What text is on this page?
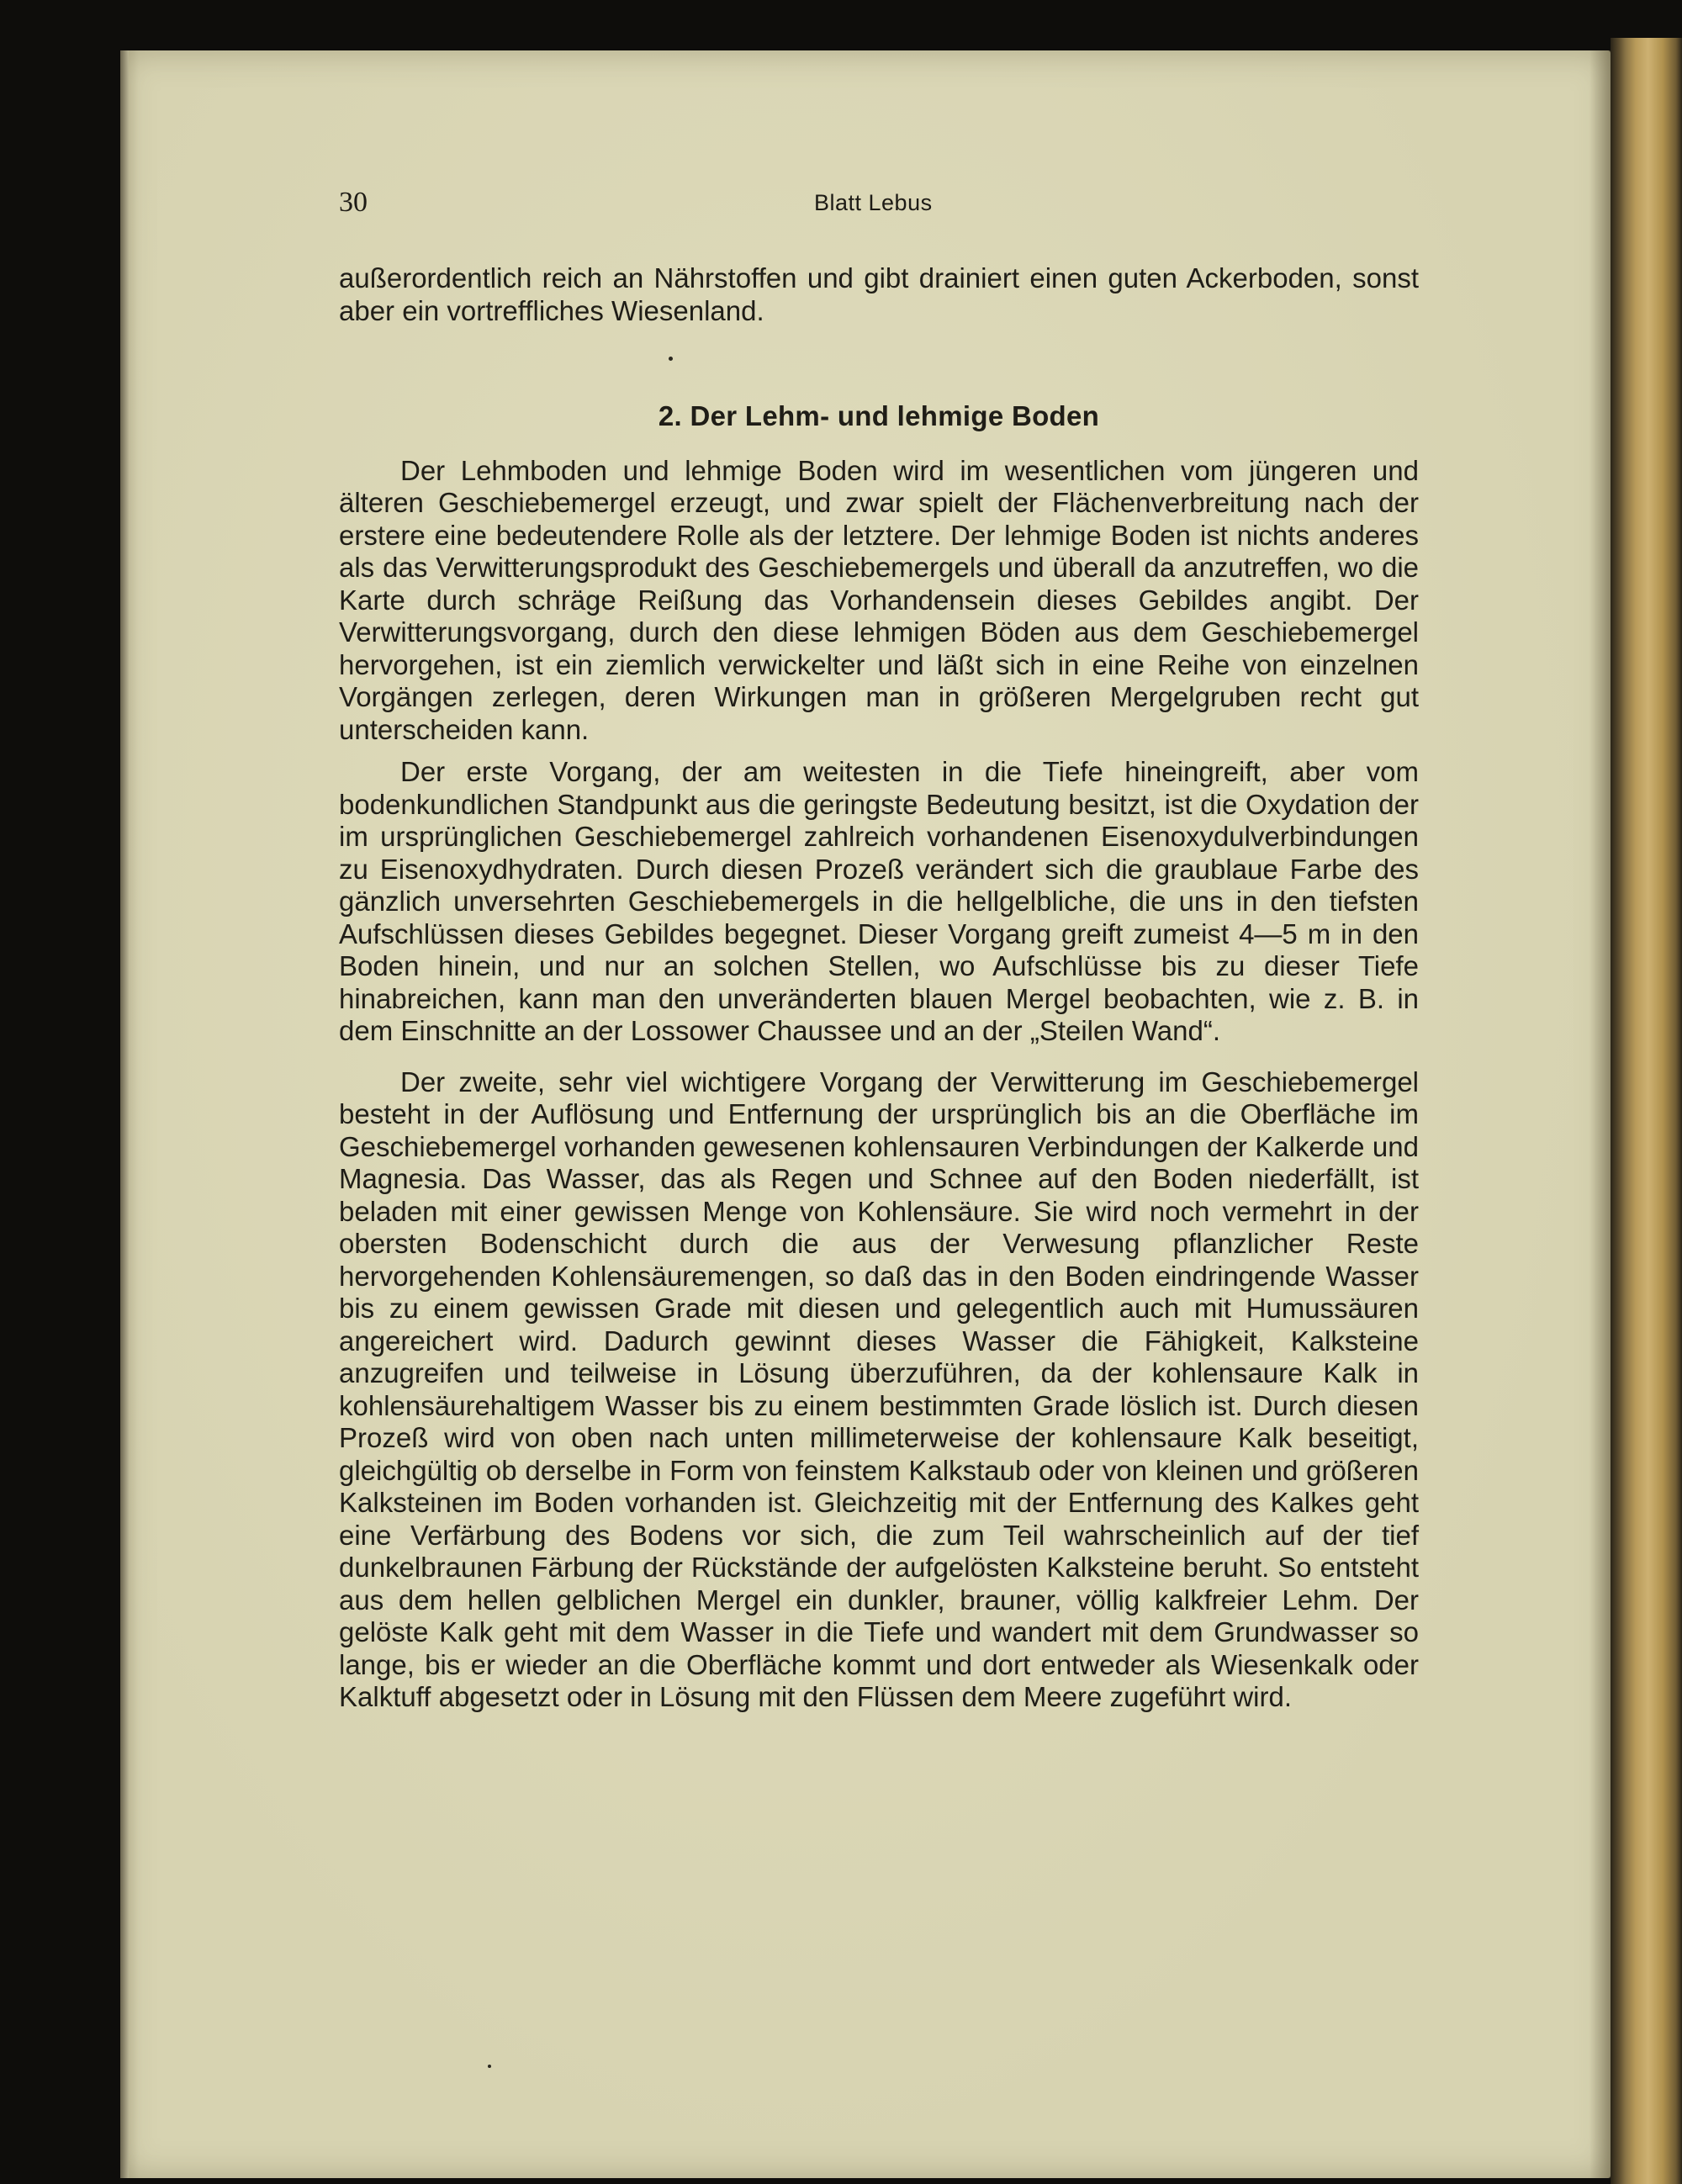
30	Blatt Lebus

außerordentlich reich an Nährstoffen und gibt drainiert einen guten Ackerboden, sonst aber ein vortreffliches Wiesenland.

2. Der Lehm- und lehmige Boden

Der Lehmboden und lehmige Boden wird im wesentlichen vom jüngeren und älteren Geschiebemergel erzeugt, und zwar spielt der Flächenverbreitung nach der erstere eine bedeutendere Rolle als der letztere. Der lehmige Boden ist nichts anderes als das Verwitterungsprodukt des Geschiebemergels und überall da anzutreffen, wo die Karte durch schräge Reißung das Vorhandensein dieses Gebildes angibt. Der Verwitterungsvorgang, durch den diese lehmigen Böden aus dem Geschiebemergel hervorgehen, ist ein ziemlich verwickelter und läßt sich in eine Reihe von einzelnen Vorgängen zerlegen, deren Wirkungen man in größeren Mergelgruben recht gut unterscheiden kann.

Der erste Vorgang, der am weitesten in die Tiefe hineingreift, aber vom bodenkundlichen Standpunkt aus die geringste Bedeutung besitzt, ist die Oxydation der im ursprünglichen Geschiebemergel zahlreich vorhandenen Eisenoxydulverbindungen zu Eisenoxydhydraten. Durch diesen Prozeß verändert sich die graublaue Farbe des gänzlich unversehrten Geschiebemergels in die hellgelbliche, die uns in den tiefsten Aufschlüssen dieses Gebildes begegnet. Dieser Vorgang greift zumeist 4—5 m in den Boden hinein, und nur an solchen Stellen, wo Aufschlüsse bis zu dieser Tiefe hinabreichen, kann man den unveränderten blauen Mergel beobachten, wie z. B. in dem Einschnitte an der Lossower Chaussee und an der „Steilen Wand“.

Der zweite, sehr viel wichtigere Vorgang der Verwitterung im Geschiebemergel besteht in der Auflösung und Entfernung der ursprünglich bis an die Oberfläche im Geschiebemergel vorhanden gewesenen kohlensauren Verbindungen der Kalkerde und Magnesia. Das Wasser, das als Regen und Schnee auf den Boden niederfällt, ist beladen mit einer gewissen Menge von Kohlensäure. Sie wird noch vermehrt in der obersten Bodenschicht durch die aus der Verwesung pflanzlicher Reste hervorgehenden Kohlensäuremengen, so daß das in den Boden eindringende Wasser bis zu einem gewissen Grade mit diesen und gelegentlich auch mit Humussäuren angereichert wird. Dadurch gewinnt dieses Wasser die Fähigkeit, Kalksteine anzugreifen und teilweise in Lösung überzuführen, da der kohlensaure Kalk in kohlensäurehaltigem Wasser bis zu einem bestimmten Grade löslich ist. Durch diesen Prozeß wird von oben nach unten millimeterweise der kohlensaure Kalk beseitigt, gleichgültig ob derselbe in Form von feinstem Kalkstaub oder von kleinen und größeren Kalksteinen im Boden vorhanden ist. Gleichzeitig mit der Entfernung des Kalkes geht eine Verfärbung des Bodens vor sich, die zum Teil wahrscheinlich auf der tief dunkelbraunen Färbung der Rückstände der aufgelösten Kalksteine beruht. So entsteht aus dem hellen gelblichen Mergel ein dunkler, brauner, völlig kalkfreier Lehm. Der gelöste Kalk geht mit dem Wasser in die Tiefe und wandert mit dem Grundwasser so lange, bis er wieder an die Oberfläche kommt und dort entweder als Wiesenkalk oder Kalktuff abgesetzt oder in Lösung mit den Flüssen dem Meere zugeführt wird.
